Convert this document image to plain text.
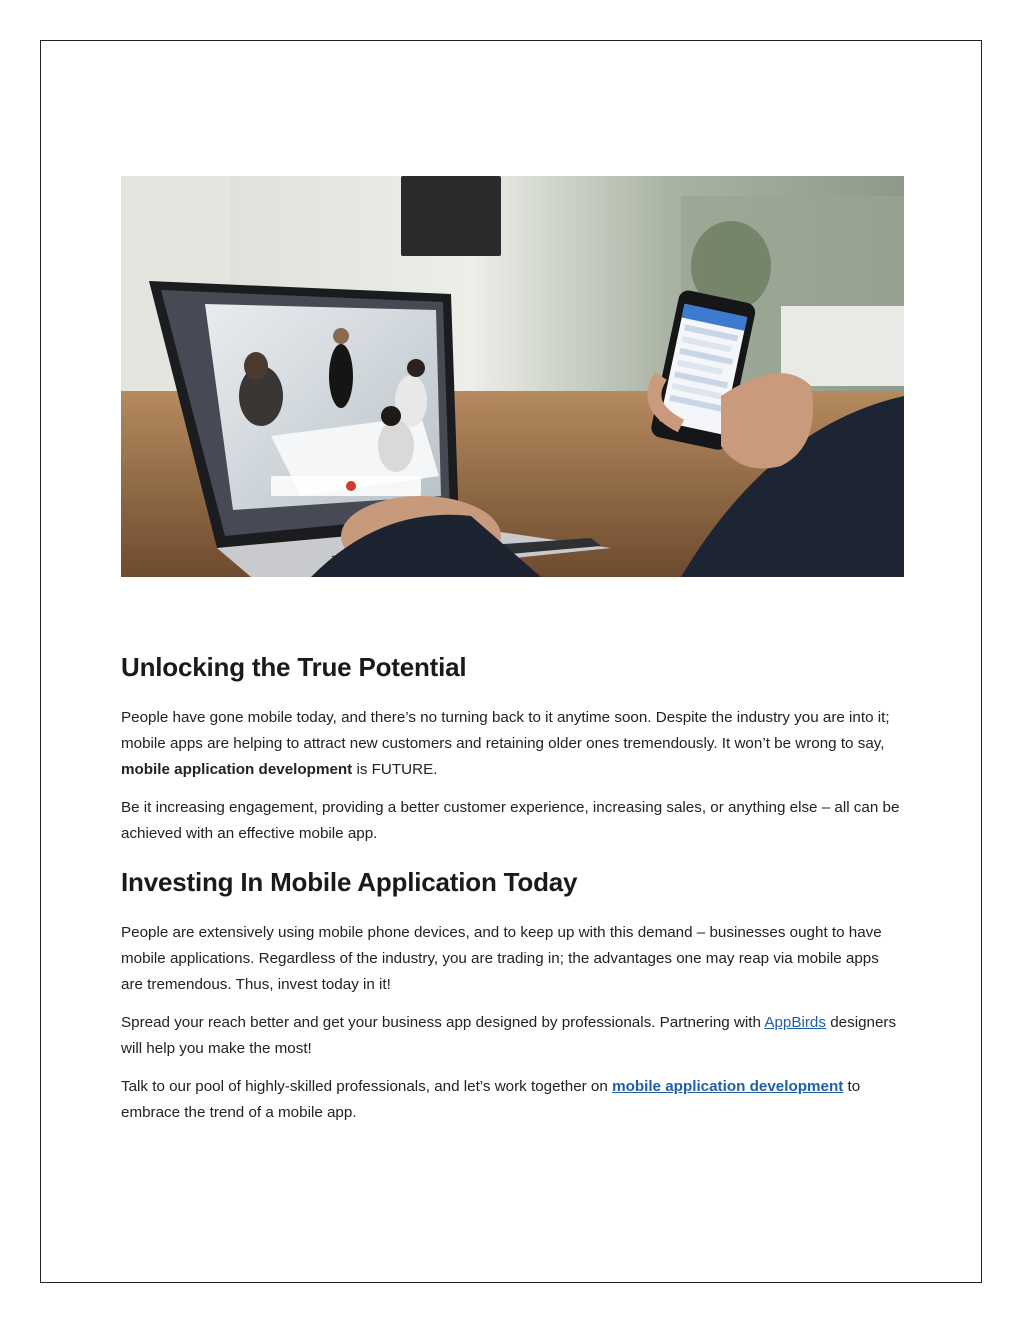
Unlocking the True Potential

People have gone mobile today, and there’s no turning back to it anytime soon. Despite the industry you are into it; mobile apps are helping to attract new customers and retaining older ones tremendously. It won’t be wrong to say, mobile application development is FUTURE.

Be it increasing engagement, providing a better customer experience, increasing sales, or anything else – all can be achieved with an effective mobile app.

Investing In Mobile Application Today

People are extensively using mobile phone devices, and to keep up with this demand – businesses ought to have mobile applications. Regardless of the industry, you are trading in; the advantages one may reap via mobile apps are tremendous. Thus, invest today in it!

Spread your reach better and get your business app designed by professionals. Partnering with AppBirds designers will help you make the most!

Talk to our pool of highly-skilled professionals, and let’s work together on mobile application development to embrace the trend of a mobile app.
